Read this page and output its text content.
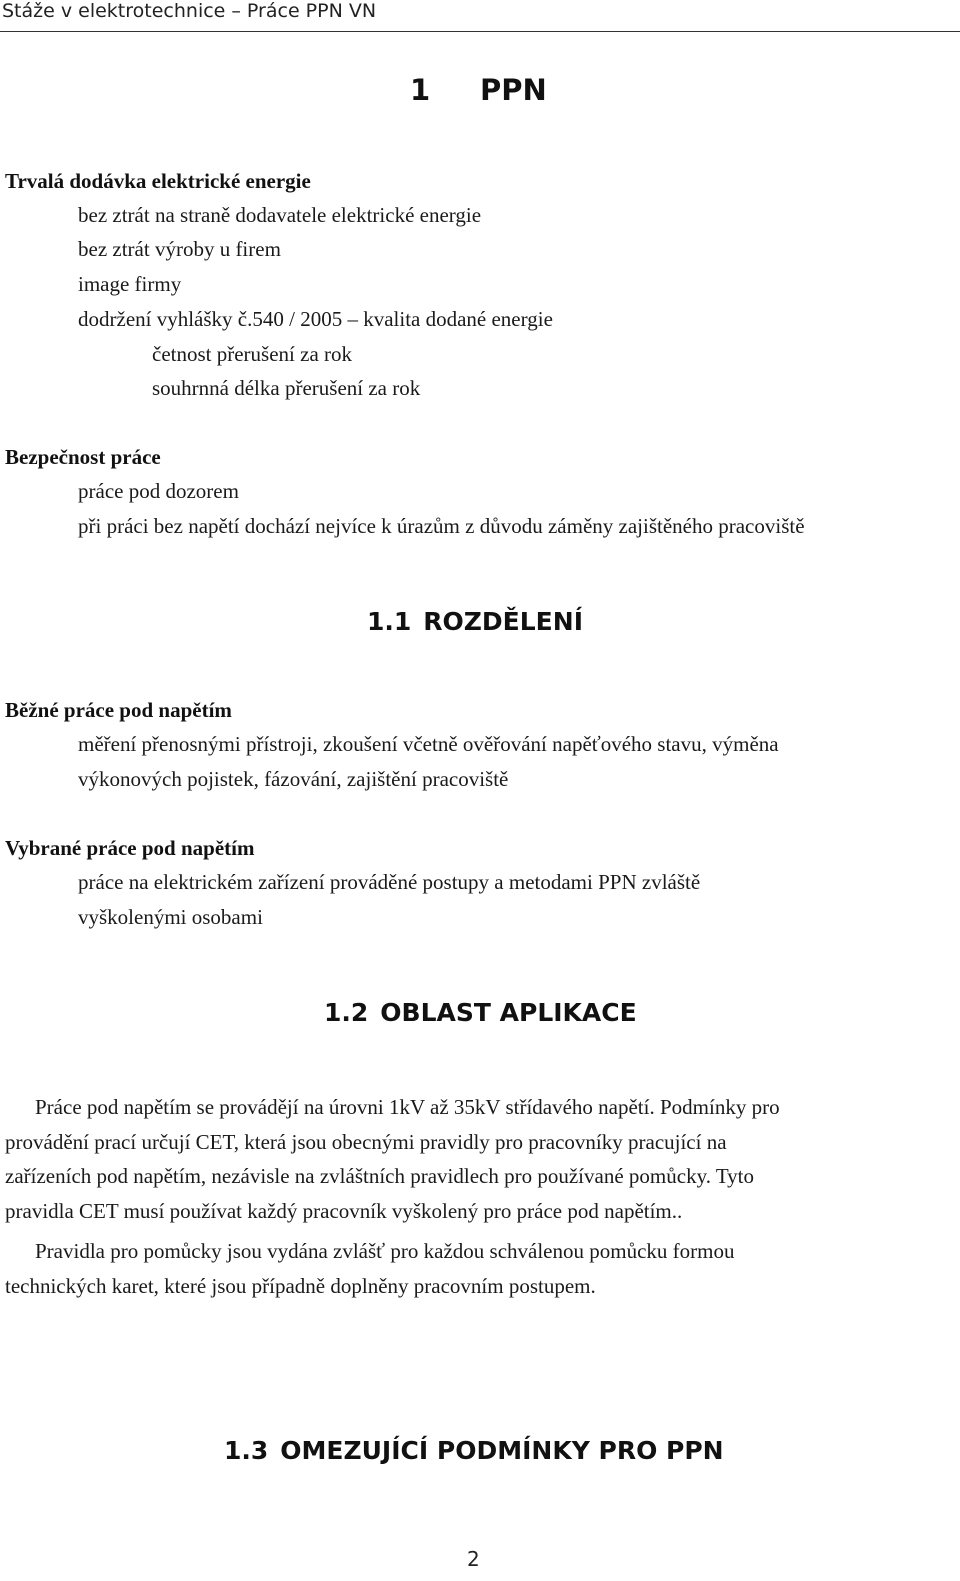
Stáže v elektrotechnice – Práce PPN VN
1 PPN
Trvalá dodávka elektrické energie
bez ztrát na straně dodavatele elektrické energie
bez ztrát výroby u firem
image firmy
dodržení vyhlášky č.540 / 2005 – kvalita dodané energie
četnost přerušení za rok
souhrnná délka přerušení za rok
Bezpečnost práce
práce pod dozorem
při práci bez napětí dochází nejvíce k úrazům z důvodu záměny zajištěného pracoviště
1.1 ROZDĚLENÍ
Běžné práce pod napětím
měření přenosnými přístroji, zkoušení včetně ověřování napěťového stavu, výměna
výkonových pojistek, fázování, zajištění pracoviště
Vybrané práce pod napětím
práce na elektrickém zařízení prováděné postupy a metodami PPN zvláště
vyškolenými osobami
1.2 OBLAST APLIKACE
Práce pod napětím se provádějí na úrovni 1kV až 35kV střídavého napětí. Podmínky pro
provádění prací určují CET, která jsou obecnými pravidly pro pracovníky pracující na
zařízeních pod napětím, nezávisle na zvláštních pravidlech pro používané pomůcky. Tyto
pravidla CET musí používat každý pracovník vyškolený pro práce pod napětím..
Pravidla pro pomůcky jsou vydána zvlášť pro každou schválenou pomůcku formou
technických karet, které jsou případně doplněny pracovním postupem.
1.3 OMEZUJÍCÍ PODMÍNKY PRO PPN
2
